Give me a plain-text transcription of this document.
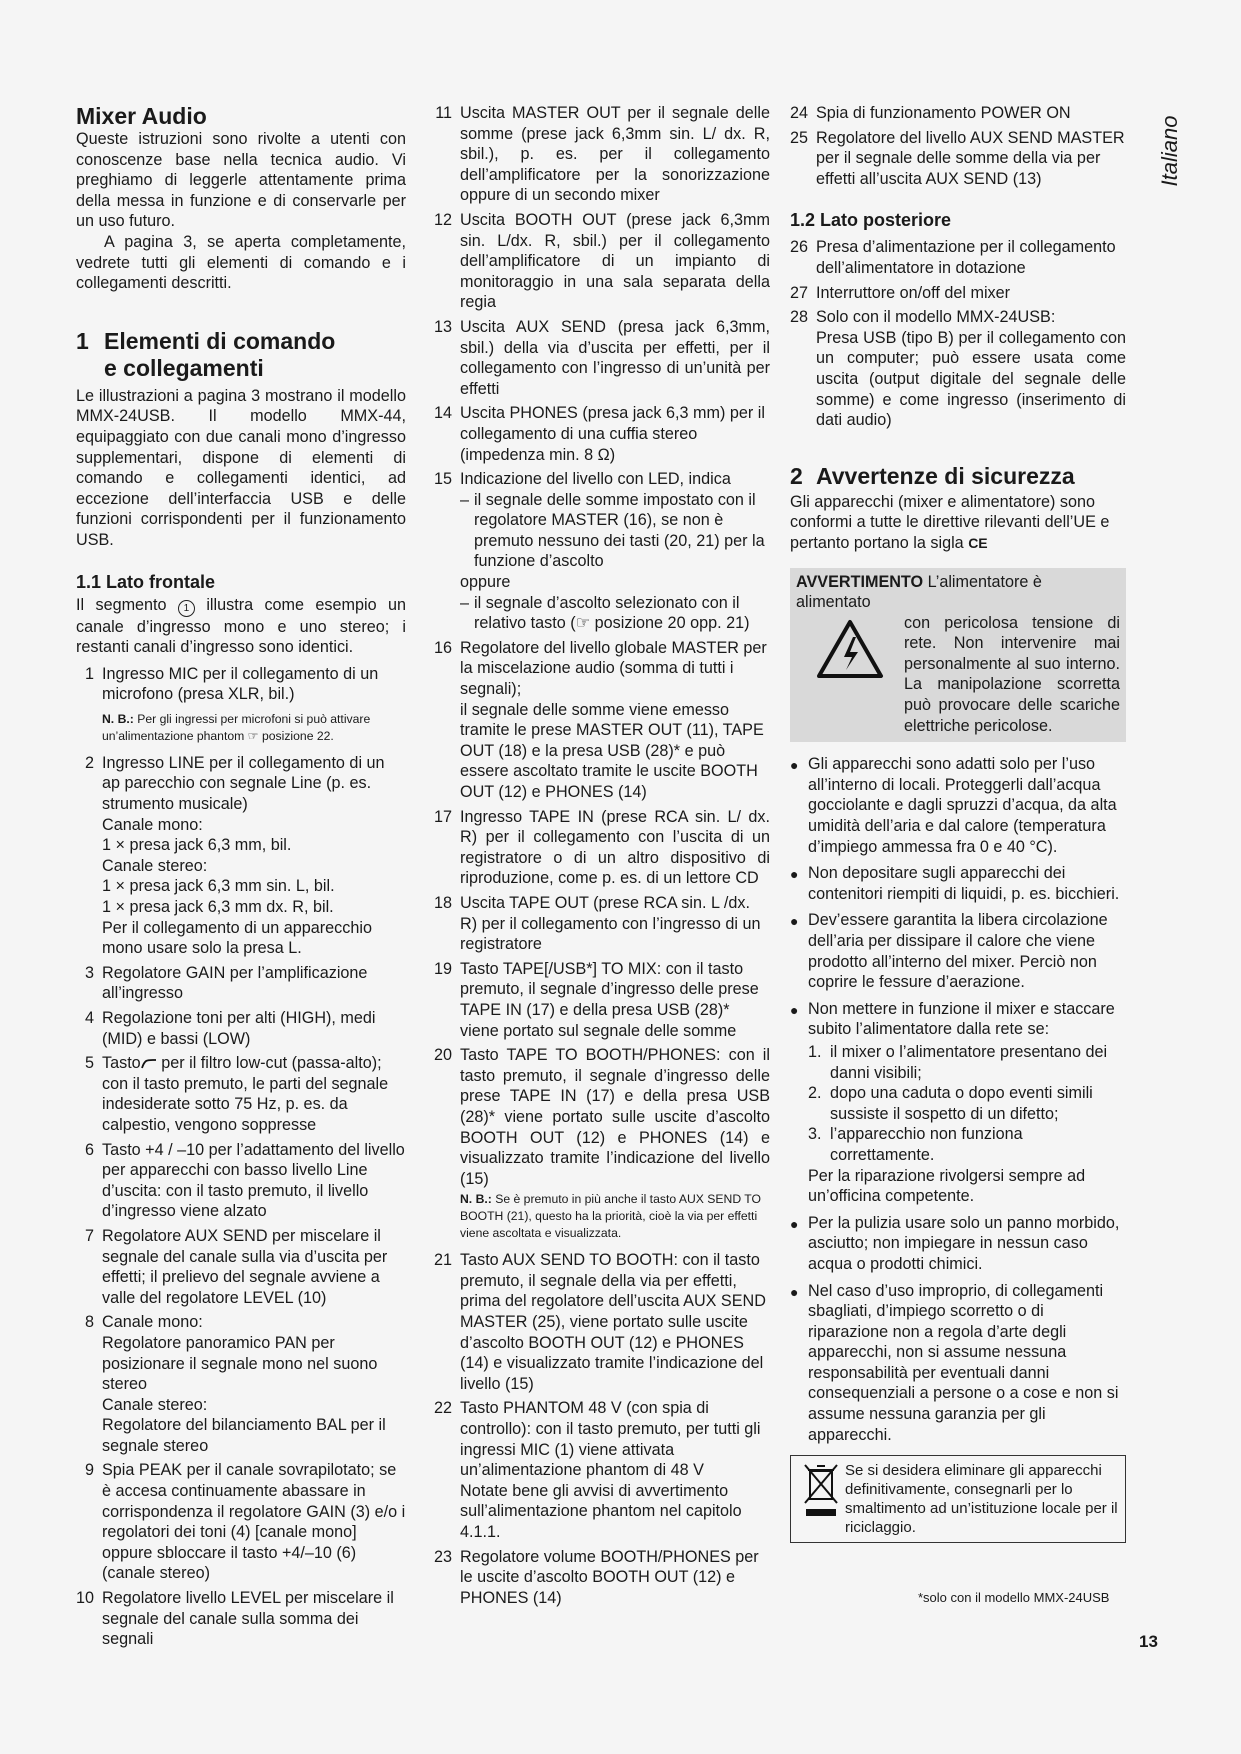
Italiano
Mixer Audio

Queste istruzioni sono rivolte a utenti con conoscenze base nella tecnica audio. Vi preghiamo di leggerle attentamente prima della messa in funzione e di conservarle per un uso futuro.

A pagina 3, se aperta completamente, vedrete tutti gli elementi di comando e i collegamenti descritti.

1 Elementi di comando
e collegamenti

Le illustrazioni a pagina 3 mostrano il modello MMX-24USB. Il modello MMX-44, equipaggiato con due canali mono d’ingresso supplementari, dispone di elementi di comando e collegamenti identici, ad eccezione dell’interfaccia USB e delle funzioni corrispondenti per il funzionamento USB.

1.1 Lato frontale

Il segmento 1 illustra come esempio un canale d’ingresso mono e uno stereo; i restanti canali d’ingresso sono identici.

1 Ingresso MIC per il collegamento di un microfono (presa XLR, bil.)

N. B.: Per gli ingressi per microfoni si può attivare un’alimentazione phantom ☞ posizione 22.

2 Ingresso LINE per il collegamento di un ap parecchio con segnale Line (p. es. strumento musicale)

Canale mono:

1 × presa jack 6,3 mm, bil.

Canale stereo:

1 × presa jack 6,3 mm sin. L, bil.

1 × presa jack 6,3 mm dx. R, bil.

Per il collegamento di un apparecchio mono usare solo la presa L.

3 Regolatore GAIN per l’amplificazione all’ingresso

4 Regolazione toni per alti (HIGH), medi (MID) e bassi (LOW)

5 Tasto per il filtro low-cut (passa-alto); con il tasto premuto, le parti del segnale indesiderate sotto 75 Hz, p. es. da calpestio, vengono soppresse

6 Tasto +4 / –10 per l’adattamento del livello per apparecchi con basso livello Line d’uscita: con il tasto premuto, il livello d’ingresso viene alzato

7 Regolatore AUX SEND per miscelare il segnale del canale sulla via d’uscita per effetti; il prelievo del segnale avviene a valle del regolatore LEVEL (10)

8 Canale mono:

Regolatore panoramico PAN per posizionare il segnale mono nel suono stereo

Canale stereo:

Regolatore del bilanciamento BAL per il segnale stereo

9 Spia PEAK per il canale sovrapilotato; se è accesa continuamente abassare in corrispondenza il regolatore GAIN (3) e/o i regolatori dei toni (4) [canale mono] oppure sbloccare il tasto +4/–10 (6) (canale stereo)

10 Regolatore livello LEVEL per miscelare il segnale del canale sulla somma dei segnali

11 Uscita MASTER OUT per il segnale delle somme (prese jack 6,3mm sin. L/ dx. R, sbil.), p. es. per il collegamento dell’amplificatore per la sonorizzazione oppure di un secondo mixer

12 Uscita BOOTH OUT (prese jack 6,3mm sin. L/dx. R, sbil.) per il collegamento dell’amplificatore di un impianto di monitoraggio in una sala separata della regia

13 Uscita AUX SEND (presa jack 6,3mm, sbil.) della via d’uscita per effetti, per il collegamento con l’ingresso di un’unità per effetti

14 Uscita PHONES (presa jack 6,3 mm) per il collegamento di una cuffia stereo (impedenza min. 8 Ω)

15 Indicazione del livello con LED, indica

– il segnale delle somme impostato con il regolatore MASTER (16), se non è premuto nessuno dei tasti (20, 21) per la funzione d’ascolto

oppure

– il segnale d’ascolto selezionato con il relativo tasto (☞ posizione 20 opp. 21)

16 Regolatore del livello globale MASTER per la miscelazione audio (somma di tutti i segnali);

il segnale delle somme viene emesso tramite le prese MASTER OUT (11), TAPE OUT (18) e la presa USB (28)* e può essere ascoltato tramite le uscite BOOTH OUT (12) e PHONES (14)

17 Ingresso TAPE IN (prese RCA sin. L/ dx. R) per il collegamento con l’uscita di un registratore o di un altro dispositivo di riproduzione, come p. es. di un lettore CD

18 Uscita TAPE OUT (prese RCA sin. L /dx. R) per il collegamento con l’ingresso di un registratore

19 Tasto TAPE[/USB*] TO MIX: con il tasto premuto, il segnale d’ingresso delle prese TAPE IN (17) e della presa USB (28)* viene portato sul segnale delle somme

20 Tasto TAPE TO BOOTH/PHONES: con il tasto premuto, il segnale d’ingresso delle prese TAPE IN (17) e della presa USB (28)* viene portato sulle uscite d’ascolto BOOTH OUT (12) e PHONES (14) e visualizzato tramite l’indicazione del livello (15)

N. B.: Se è premuto in più anche il tasto AUX SEND TO BOOTH (21), questo ha la priorità, cioè la via per effetti viene ascoltata e visualizzata.

21 Tasto AUX SEND TO BOOTH: con il tasto premuto, il segnale della via per effetti, prima del regolatore dell’uscita AUX SEND MASTER (25), viene portato sulle uscite d’ascolto BOOTH OUT (12) e PHONES (14) e visualizzato tramite l’indicazione del livello (15)

22 Tasto PHANTOM 48 V (con spia di controllo): con il tasto premuto, per tutti gli ingressi MIC (1) viene attivata un’alimentazione phantom di 48 V

Notate bene gli avvisi di avvertimento sull’alimentazione phantom nel capitolo 4.1.1.

23 Regolatore volume BOOTH/PHONES per le uscite d’ascolto BOOTH OUT (12) e PHONES (14)

24 Spia di funzionamento POWER ON

25 Regolatore del livello AUX SEND MASTER per il segnale delle somme della via per effetti all’uscita AUX SEND (13)

1.2 Lato posteriore
26 Presa d’alimentazione per il collegamento dell’alimentatore in dotazione

27 Interruttore on/off del mixer

28 Solo con il modello MMX-24USB:

Presa USB (tipo B) per il collegamento con un computer; può essere usata come uscita (output digitale del segnale delle somme) e come ingresso (inserimento di dati audio)

2 Avvertenze di sicurezza

Gli apparecchi (mixer e alimentatore) sono conformi a tutte le direttive rilevanti dell’UE e pertanto portano la sigla CE

AVVERTIMENTO L’alimentatore è alimentato

con pericolosa tensione di rete. Non intervenire mai personalmente al suo interno. La manipolazione scorretta può provocare delle scariche elettriche pericolose.

● Gli apparecchi sono adatti solo per l’uso all’interno di locali. Proteggerli dall’acqua gocciolante e dagli spruzzi d’acqua, da alta umidità dell’aria e dal calore (temperatura d’impiego ammessa fra 0 e 40 °C).

● Non depositare sugli apparecchi dei contenitori riempiti di liquidi, p. es. bicchieri.

● Dev’essere garantita la libera circolazione dell’aria per dissipare il calore che viene prodotto all’interno del mixer. Perciò non coprire le fessure d’aerazione.

● Non mettere in funzione il mixer e staccare subito l’alimentatore dalla rete se:

1. il mixer o l’alimentatore presentano dei danni visibili;

2. dopo una caduta o dopo eventi simili sussiste il sospetto di un difetto;

3. l’apparecchio non funziona correttamente.

Per la riparazione rivolgersi sempre ad un’officina competente.

● Per la pulizia usare solo un panno morbido, asciutto; non impiegare in nessun caso acqua o prodotti chimici.

● Nel caso d’uso improprio, di collegamenti sbagliati, d’impiego scorretto o di riparazione non a regola d’arte degli apparecchi, non si assume nessuna responsabilità per eventuali danni consequenziali a persone o a cose e non si assume nessuna garanzia per gli apparecchi.

Se si desidera eliminare gli apparecchi definitivamente, consegnarli per lo smaltimento ad un’istituzione locale per il riciclaggio.

*solo con il modello MMX-24USB
13
